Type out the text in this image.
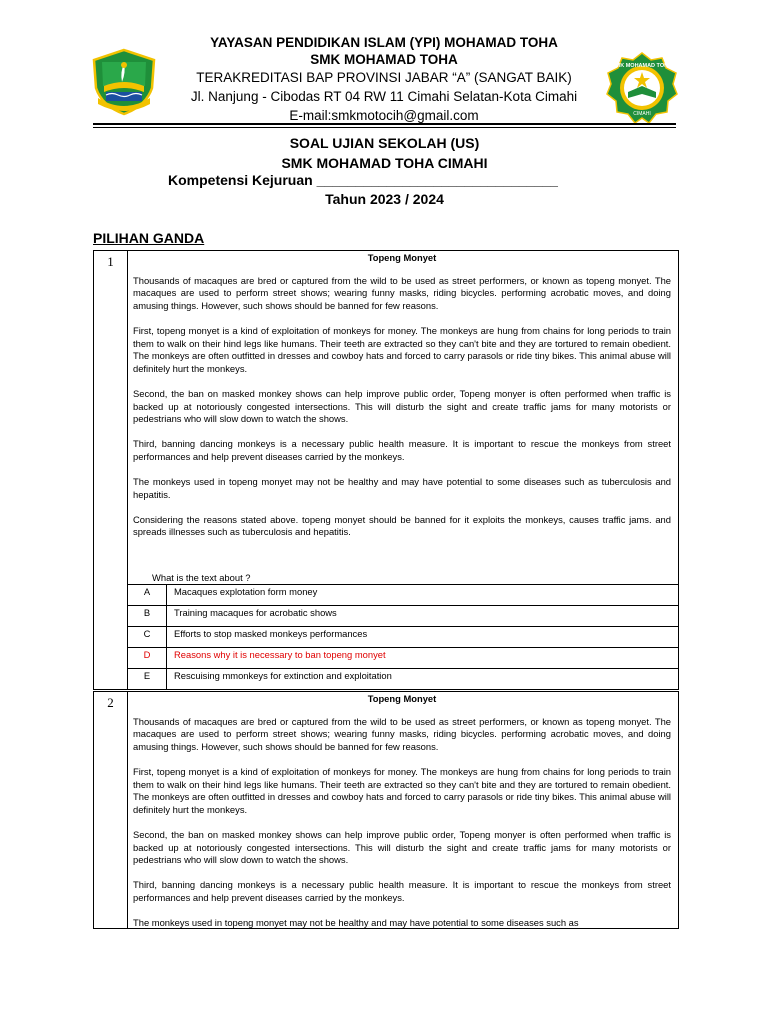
SMK MOHAMAD TOHA
CIMAHI
YAYASAN PENDIDIKAN ISLAM (YPI) MOHAMAD TOHA
SMK MOHAMAD TOHA
TERAKREDITASI BAP PROVINSI JABAR “A” (SANGAT BAIK)
Jl. Nanjung - Cibodas RT 04 RW 11 Cimahi Selatan-Kota Cimahi
E-mail:smkmotocih@gmail.com
SOAL UJIAN SEKOLAH (US)
SMK MOHAMAD TOHA CIMAHI
Kompetensi Kejuruan _______________________________
Tahun 2023 / 2024
PILIHAN GANDA
1	Topeng Monyet

Thousands of macaques are bred or captured from the wild to be used as street performers, or known as topeng monyet. The macaques are used to perform street shows; wearing funny masks, riding bicycles. performing acrobatic moves, and doing amusing things. However, such shows should be banned for few reasons.

First, topeng monyet is a kind of exploitation of monkeys for money. The monkeys are hung from chains for long periods to train them to walk on their hind legs like humans. Their teeth are extracted so they can't bite and they are tortured to remain obedient. The monkeys are often outfitted in dresses and cowboy hats and forced to carry parasols or ride tiny bikes. This animal abuse will definitely hurt the monkeys.

Second, the ban on masked monkey shows can help improve public order, Topeng monyer is often performed when traffic is backed up at notoriously congested intersections. This will disturb the sight and create traffic jams for many motorists or pedestrians who will slow down to watch the shows.

Third, banning dancing monkeys is a necessary public health measure. It is important to rescue the monkeys from street performances and help prevent diseases carried by the monkeys.

The monkeys used in topeng monyet may not be healthy and may have potential to some diseases such as tuberculosis and hepatitis.

Considering the reasons stated above. topeng monyet should be banned for it exploits the monkeys, causes traffic jams. and spreads illnesses such as tuberculosis and hepatitis.

What is the text about ?
A	Macaques explotation form money
B	Training macaques for acrobatic shows
C	Efforts to stop masked monkeys performances
D	Reasons why it is necessary to ban topeng monyet
E	Rescuising mmonkeys for extinction and exploitation
2	Topeng Monyet

Thousands of macaques are bred or captured from the wild to be used as street performers, or known as topeng monyet. The macaques are used to perform street shows; wearing funny masks, riding bicycles. performing acrobatic moves, and doing amusing things. However, such shows should be banned for few reasons.

First, topeng monyet is a kind of exploitation of monkeys for money. The monkeys are hung from chains for long periods to train them to walk on their hind legs like humans. Their teeth are extracted so they can't bite and they are tortured to remain obedient. The monkeys are often outfitted in dresses and cowboy hats and forced to carry parasols or ride tiny bikes. This animal abuse will definitely hurt the monkeys.

Second, the ban on masked monkey shows can help improve public order, Topeng monyer is often performed when traffic is backed up at notoriously congested intersections. This will disturb the sight and create traffic jams for many motorists or pedestrians who will slow down to watch the shows.

Third, banning dancing monkeys is a necessary public health measure. It is important to rescue the monkeys from street performances and help prevent diseases carried by the monkeys.

The monkeys used in topeng monyet may not be healthy and may have potential to some diseases such as
